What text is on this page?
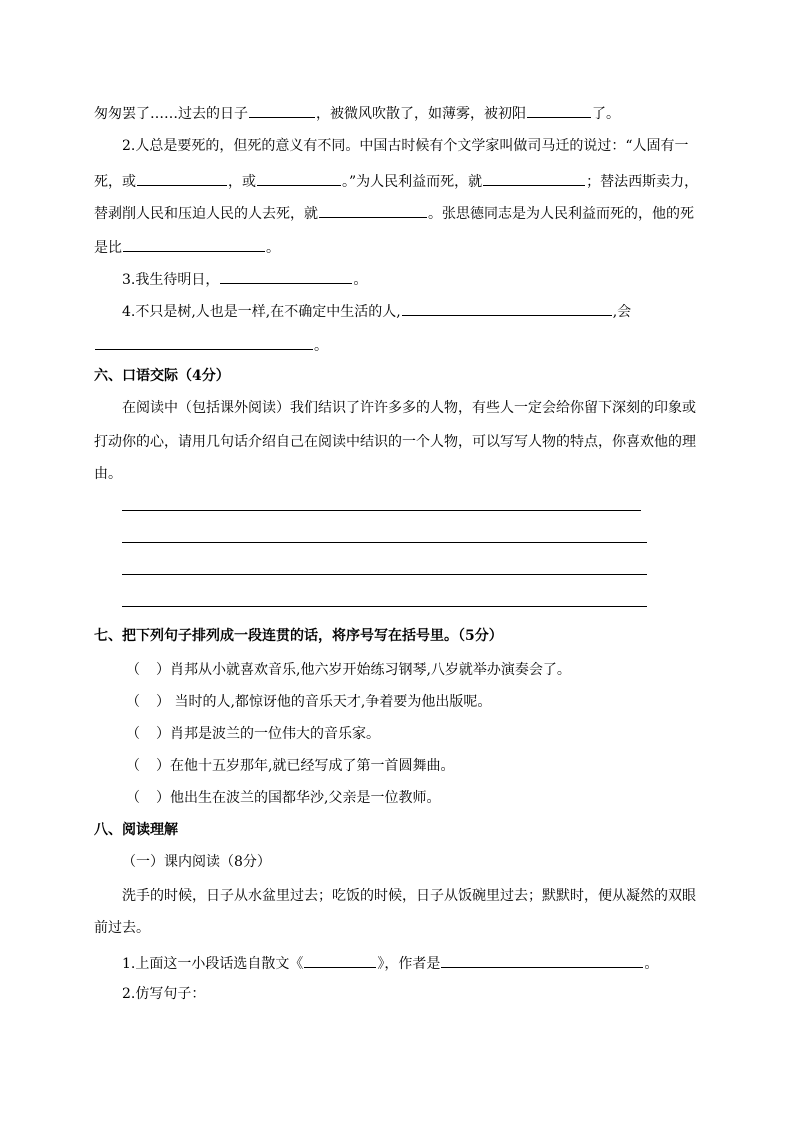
匆匆罢了……过去的日子	，被微风吹散了，如薄雾，被初阳	了。
2.人总是要死的，但死的意义有不同。中国古时候有个文学家叫做司马迁的说过：“人固有一
死，或	，或	。”为人民利益而死，就	；替法西斯卖力，
替剥削人民和压迫人民的人去死，就	。张思德同志是为人民利益而死的，他的死
是比	。
3.我生待明日，	。
4.不只是树,人也是一样,在不确定中生活的人,	,会
。
六、口语交际（4分）
在阅读中（包括课外阅读）我们结识了许许多多的人物，有些人一定会给你留下深刻的印象或
打动你的心，请用几句话介绍自己在阅读中结识的一个人物，可以写写人物的特点，你喜欢他的理
由。
七、把下列句子排列成一段连贯的话，将序号写在括号里。（5分）
（ ）肖邦从小就喜欢音乐,他六岁开始练习钢琴,八岁就举办演奏会了。
（ ） 当时的人,都惊讶他的音乐天才,争着要为他出版呢。
（ ）肖邦是波兰的一位伟大的音乐家。
（ ）在他十五岁那年,就已经写成了第一首圆舞曲。
（ ）他出生在波兰的国都华沙,父亲是一位教师。
八、阅读理解
（一）课内阅读（8分）
洗手的时候，日子从水盆里过去；吃饭的时候，日子从饭碗里过去；默默时，便从凝然的双眼
前过去。
1.上面这一小段话选自散文《	》，作者是	。
2.仿写句子：
